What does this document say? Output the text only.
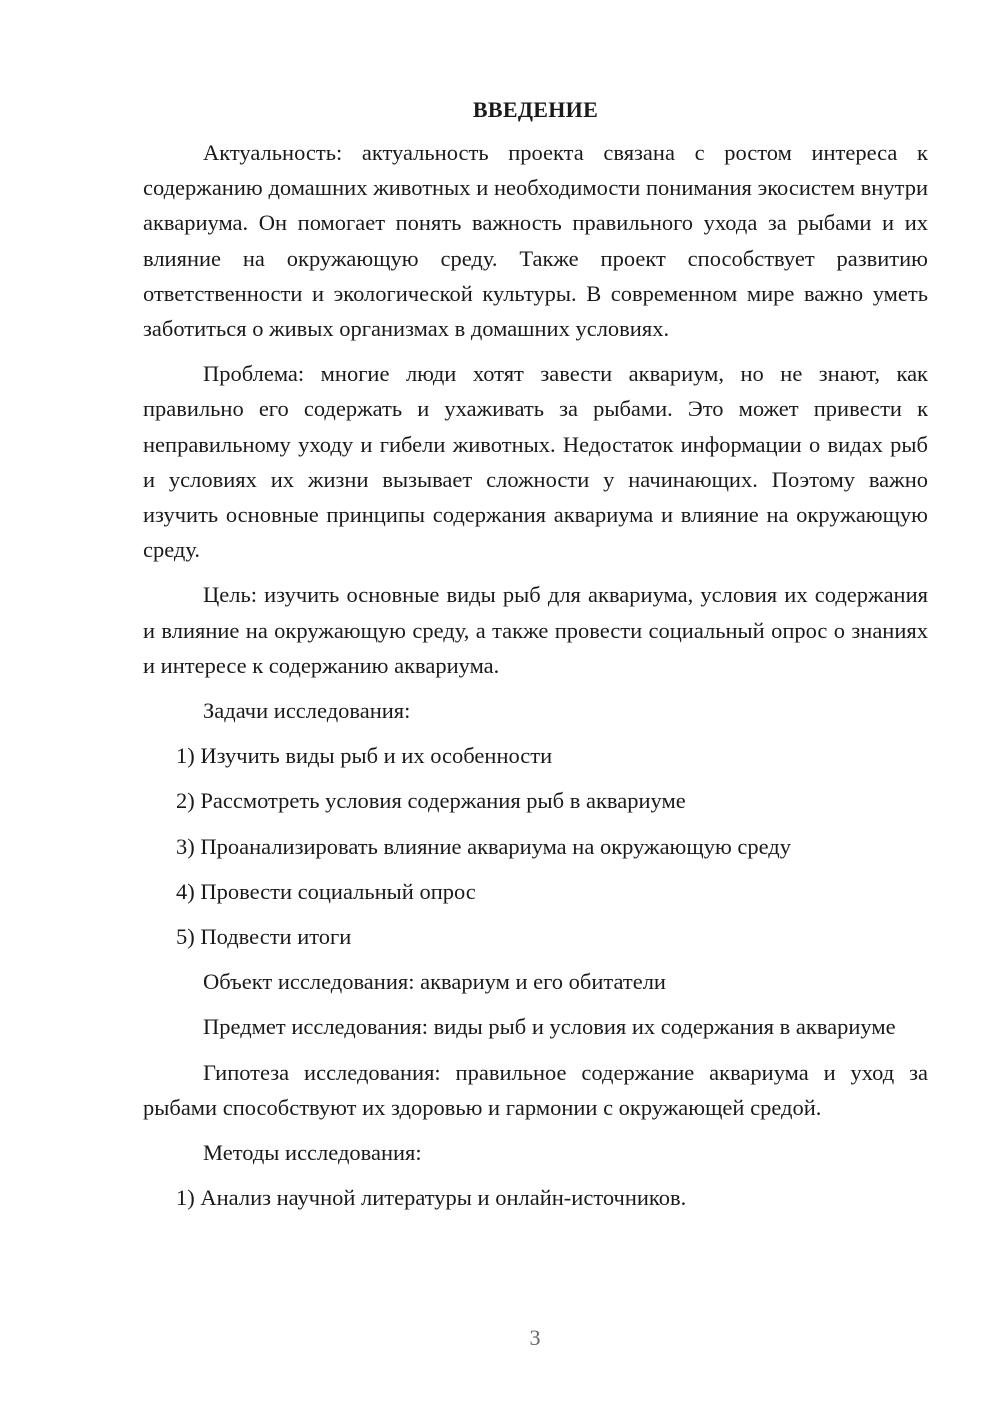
ВВЕДЕНИЕ

Актуальность: актуальность проекта связана с ростом интереса к содержанию домашних животных и необходимости понимания экосистем внутри аквариума. Он помогает понять важность правильного ухода за рыбами и их влияние на окружающую среду. Также проект способствует развитию ответственности и экологической культуры. В современном мире важно уметь заботиться о живых организмах в домашних условиях.

Проблема: многие люди хотят завести аквариум, но не знают, как правильно его содержать и ухаживать за рыбами. Это может привести к неправильному уходу и гибели животных. Недостаток информации о видах рыб и условиях их жизни вызывает сложности у начинающих. Поэтому важно изучить основные принципы содержания аквариума и влияние на окружающую среду.

Цель: изучить основные виды рыб для аквариума, условия их содержания и влияние на окружающую среду, а также провести социальный опрос о знаниях и интересе к содержанию аквариума.

Задачи исследования:
1) Изучить виды рыб и их особенности
2) Рассмотреть условия содержания рыб в аквариуме
3) Проанализировать влияние аквариума на окружающую среду
4) Провести социальный опрос
5) Подвести итоги
Объект исследования: аквариум и его обитатели

Предмет исследования: виды рыб и условия их содержания в аквариуме

Гипотеза исследования: правильное содержание аквариума и уход за рыбами способствуют их здоровью и гармонии с окружающей средой.

Методы исследования:
1) Анализ научной литературы и онлайн-источников.
3
